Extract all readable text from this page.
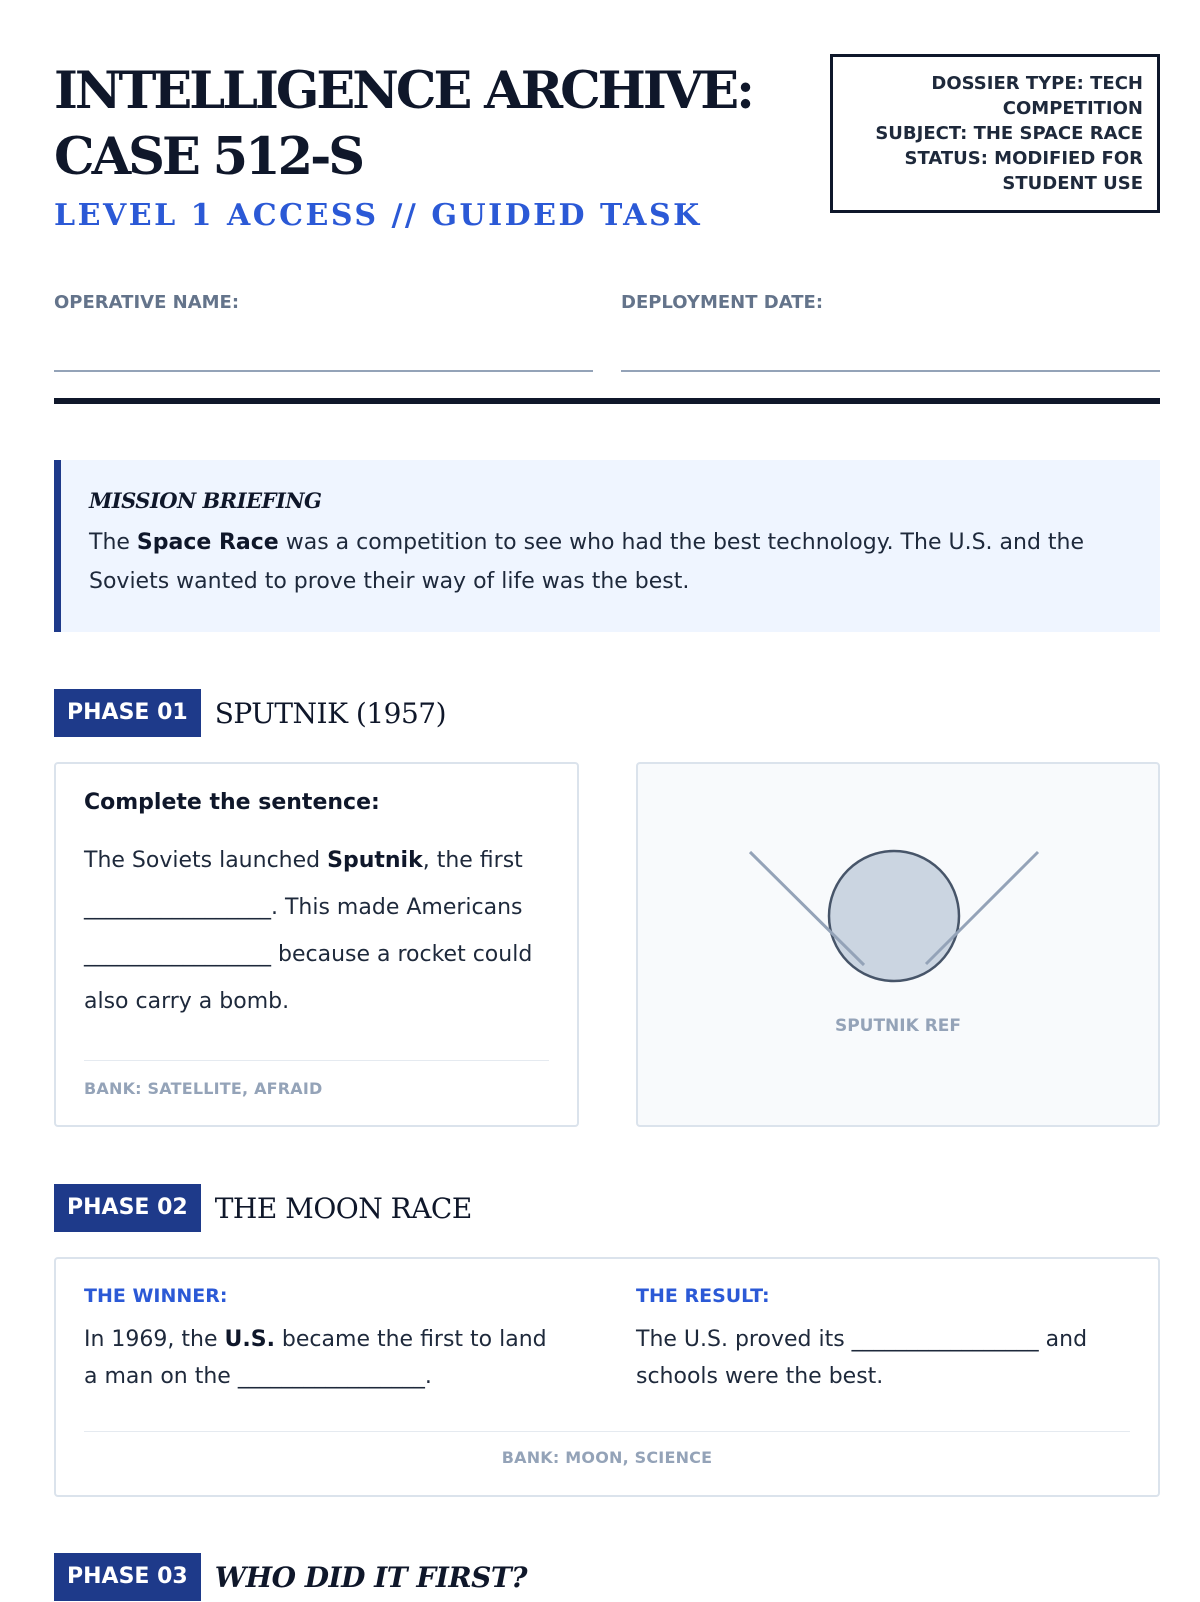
INTELLIGENCE ARCHIVE:
CASE 512-S
LEVEL 1 ACCESS // GUIDED TASK
DOSSIER TYPE: TECH
COMPETITION
SUBJECT: THE SPACE RACE
STATUS: MODIFIED FOR
STUDENT USE
OPERATIVE NAME:	DEPLOYMENT DATE:
MISSION BRIEFING

The Space Race was a competition to see who had the best technology. The U.S. and the Soviets wanted to prove their way of life was the best.

PHASE 01 SPUTNIK (1957)
Complete the sentence:
The Soviets launched Sputnik, the first _________________. This made Americans _________________ because a rocket could also carry a bomb.
BANK: SATELLITE, AFRAID
SPUTNIK REF
PHASE 02 THE MOON RACE
THE WINNER:
In 1969, the U.S. became the first to land a man on the _________________.
THE RESULT:
The U.S. proved its _________________ and schools were the best.
BANK: MOON, SCIENCE
PHASE 03 WHO DID IT FIRST?
